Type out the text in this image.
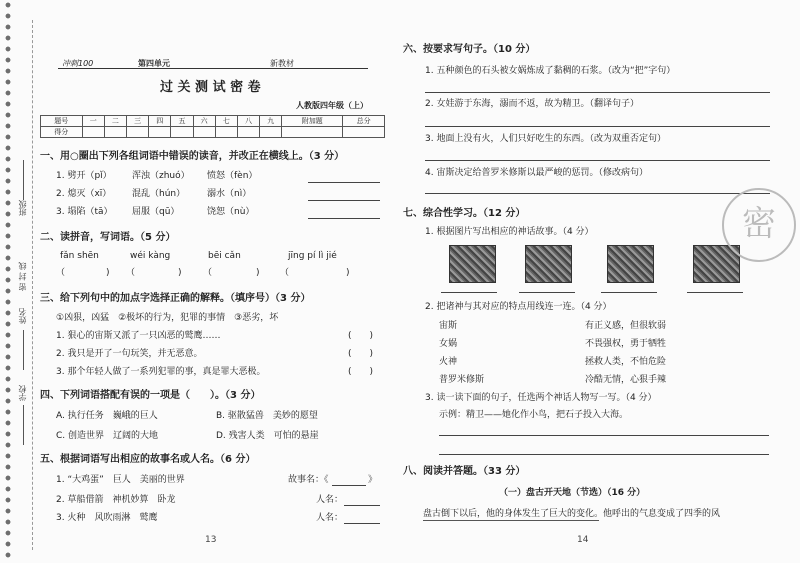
班级
密 封 线
姓名
学校
冲刺100	第四单元	新教材
过 关 测 试 密 卷
人教版四年级（上）
题号	一	二	三	四	五	六	七	八	九	附加题	总分
得分											
一、用○圈出下列各组词语中错误的读音，并改正在横线上。（3 分）
1. 劈开（pǐ） 浑浊（zhuó） 愤怒（fèn）
2. 熄灭（xī） 混乱（hún） 溺水（nì）
3. 塌陷（tā） 屈服（qū）	饶恕（nù）
二、读拼音，写词语。（5 分）
fǎn shēn	wéi kàng	bēi cǎn	jīng pí lì jié
（	) （	) （	) （	)
三、给下列句中的加点字选择正确的解释。（填序号）（3 分）
①凶狠，凶猛　②极坏的行为，犯罪的事情　③恶劣，坏
1. 狠心的宙斯又派了一只凶恶的鹫鹰……	(　　)
2. 我只是开了一句玩笑，并无恶意。	(　　)
3. 那个年轻人做了一系列犯罪的事，真是罪大恶极。	(　　)
四、下列词语搭配有误的一项是（　　）。（3 分）
A. 执行任务　巍峨的巨人	B. 驱散猛兽　美妙的愿望
C. 创造世界　辽阔的大地	D. 残害人类　可怕的悬崖
五、根据词语写出相应的故事名或人名。（6 分）
1. “大鸡蛋”　巨人　美丽的世界	故事名：《	》
2. 草船借箭　神机妙算　卧龙	人名：
3. 火种　风吹雨淋　鹫鹰	人名：
13
六、按要求写句子。（10 分）
1. 五种颜色的石头被女娲炼成了黏稠的石浆。（改为“把”字句）
2. 女娃游于东海，溺而不返，故为精卫。（翻译句子）
3. 地面上没有火，人们只好吃生的东西。（改为双重否定句）
4. 宙斯决定给普罗米修斯以最严峻的惩罚。（修改病句）
七、综合性学习。（12 分）
1. 根据图片写出相应的神话故事。（4 分）
2. 把诸神与其对应的特点用线连一连。（4 分）
宙斯	有正义感，但很软弱
女娲	不畏强权，勇于牺牲
火神	拯救人类，不怕危险
普罗米修斯	冷酷无情，心狠手辣
3. 读一读下面的句子，任选两个神话人物写一写。（4 分）
示例：精卫——她化作小鸟，把石子投入大海。
八、阅读并答题。（33 分）
（一）盘古开天地（节选）（16 分）
盘古倒下以后，他的身体发生了巨大的变化。他呼出的气息变成了四季的风
14
密
